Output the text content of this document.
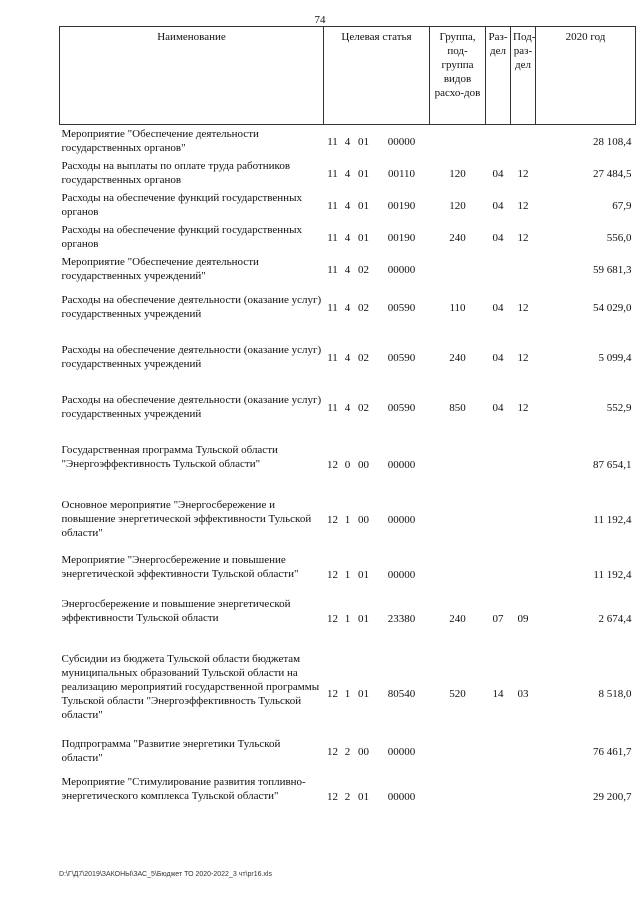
74
Наименование	Целевая статья				Группа, под-группа видов расхо-дов	Раз-дел	Под-раз-дел	2020 год
Мероприятие "Обеспечение деятельности государственных органов"	11	4	01	00000				28 108,4
Расходы на выплаты по оплате труда работников государственных органов	11	4	01	00110	120	04	12	27 484,5
Расходы на обеспечение функций государственных органов	11	4	01	00190	120	04	12	67,9
Расходы на обеспечение функций государственных органов	11	4	01	00190	240	04	12	556,0
Мероприятие "Обеспечение деятельности государственных учреждений"	11	4	02	00000				59 681,3
Расходы на обеспечение деятельности (оказание услуг) государственных учреждений	11	4	02	00590	110	04	12	54 029,0
Расходы на обеспечение деятельности (оказание услуг) государственных учреждений	11	4	02	00590	240	04	12	5 099,4
Расходы на обеспечение деятельности (оказание услуг) государственных учреждений	11	4	02	00590	850	04	12	552,9
Государственная программа Тульской области "Энергоэффективность Тульской области"	12	0	00	00000				87 654,1
Основное мероприятие "Энергосбережение и повышение энергетической эффективности Тульской области"	12	1	00	00000				11 192,4
Мероприятие "Энергосбережение и повышение энергетической эффективности Тульской области"	12	1	01	00000				11 192,4
Энергосбережение и повышение энергетической эффективности Тульской области	12	1	01	23380	240	07	09	2 674,4
Субсидии из бюджета Тульской области бюджетам муниципальных образований Тульской области на реализацию мероприятий государственной программы Тульской области "Энергоэффективность Тульской области"	12	1	01	80540	520	14	03	8 518,0
Подпрограмма "Развитие энергетики Тульской области"	12	2	00	00000				76 461,7
Мероприятие "Стимулирование развития топливно-энергетического комплекса Тульской области"	12	2	01	00000				29 200,7
D:\Г\Д7\2019\ЗАКОНЫ\ЗАС_5\Бюджет ТО 2020-2022_3 чт\pr16.xls
